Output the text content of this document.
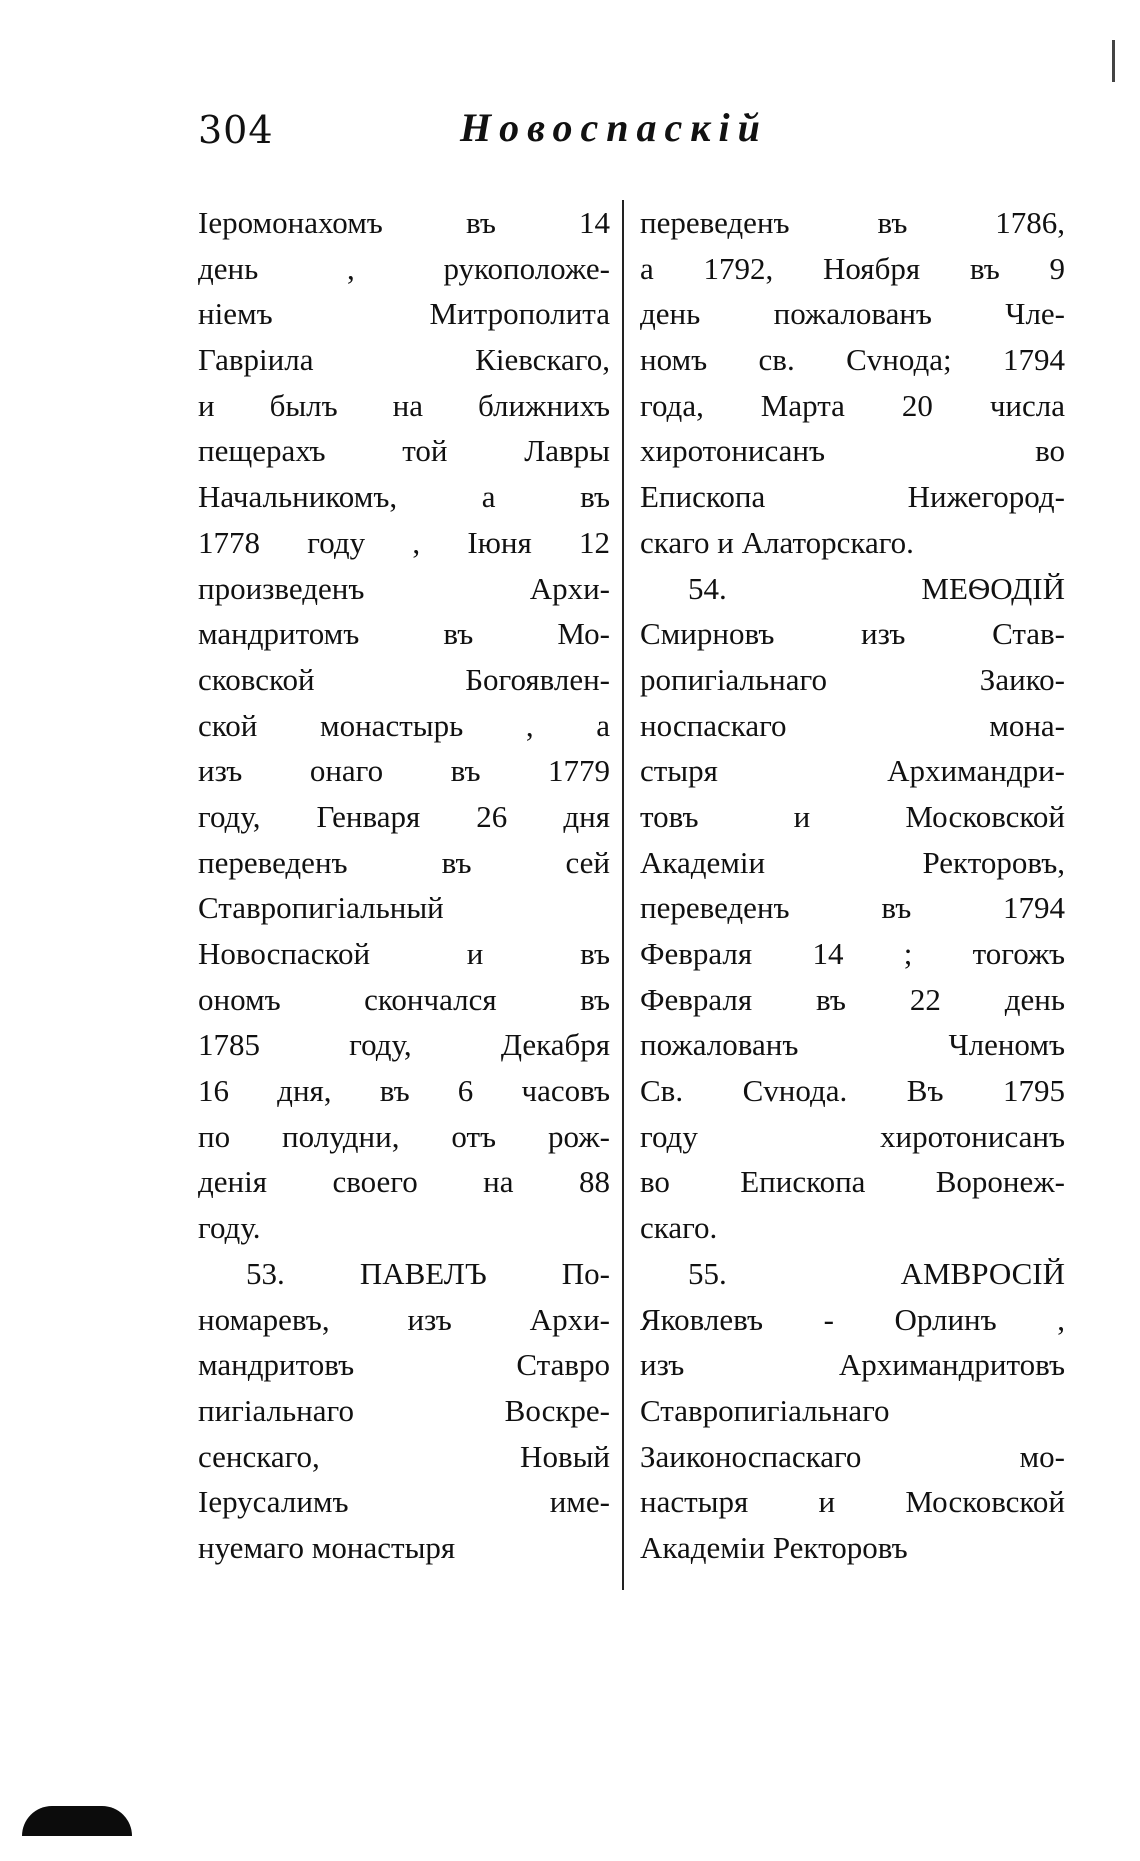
304	Новоспаскій
Іеромонахомъ въ 14
день , рукоположе-
ніемъ Митрополита
Гавріила Кіевскаго,
и былъ на ближнихъ
пещерахъ той Лавры
Начальникомъ, а въ
1778 году , Іюня 12
произведенъ Архи-
мандритомъ въ Мо-
сковской Богоявлен-
ской монастырь , а
изъ онаго въ 1779
году, Генваря 26 дня
переведенъ въ сей
Ставропигіальный
Новоспаской и въ
ономъ скончался въ
1785 году, Декабря
16 дня, въ 6 часовъ
по полудни, отъ рож-
денія своего на 88
году.
53. ПАВЕЛЪ По-
номаревъ, изъ Архи-
мандритовъ Ставро
пигіальнаго Воскре-
сенскаго, Новый
Іерусалимъ име-
нуемаго монастыря
переведенъ въ 1786,
а 1792, Ноября въ 9
день пожалованъ Чле-
номъ св. Сvнода; 1794
года, Марта 20 числа
хиротонисанъ во
Епископа Нижегород-
скаго и Алаторскаго.
54. МЕѲОДІЙ
Смирновъ изъ Став-
ропигіальнаго Заико-
носпаскаго мона-
стыря Архимандри-
товъ и Московской
Академіи Ректоровъ,
переведенъ въ 1794
Февраля 14 ; тогожъ
Февраля въ 22 день
пожалованъ Членомъ
Св. Сvнода. Въ 1795
году хиротонисанъ
во Епископа Воронеж-
скаго.
55. АМВРОСІЙ
Яковлевъ - Орлинъ ,
изъ Архимандритовъ
Ставропигіальнаго
Заиконоспаскаго мо-
настыря и Московской
Академіи Ректоровъ
